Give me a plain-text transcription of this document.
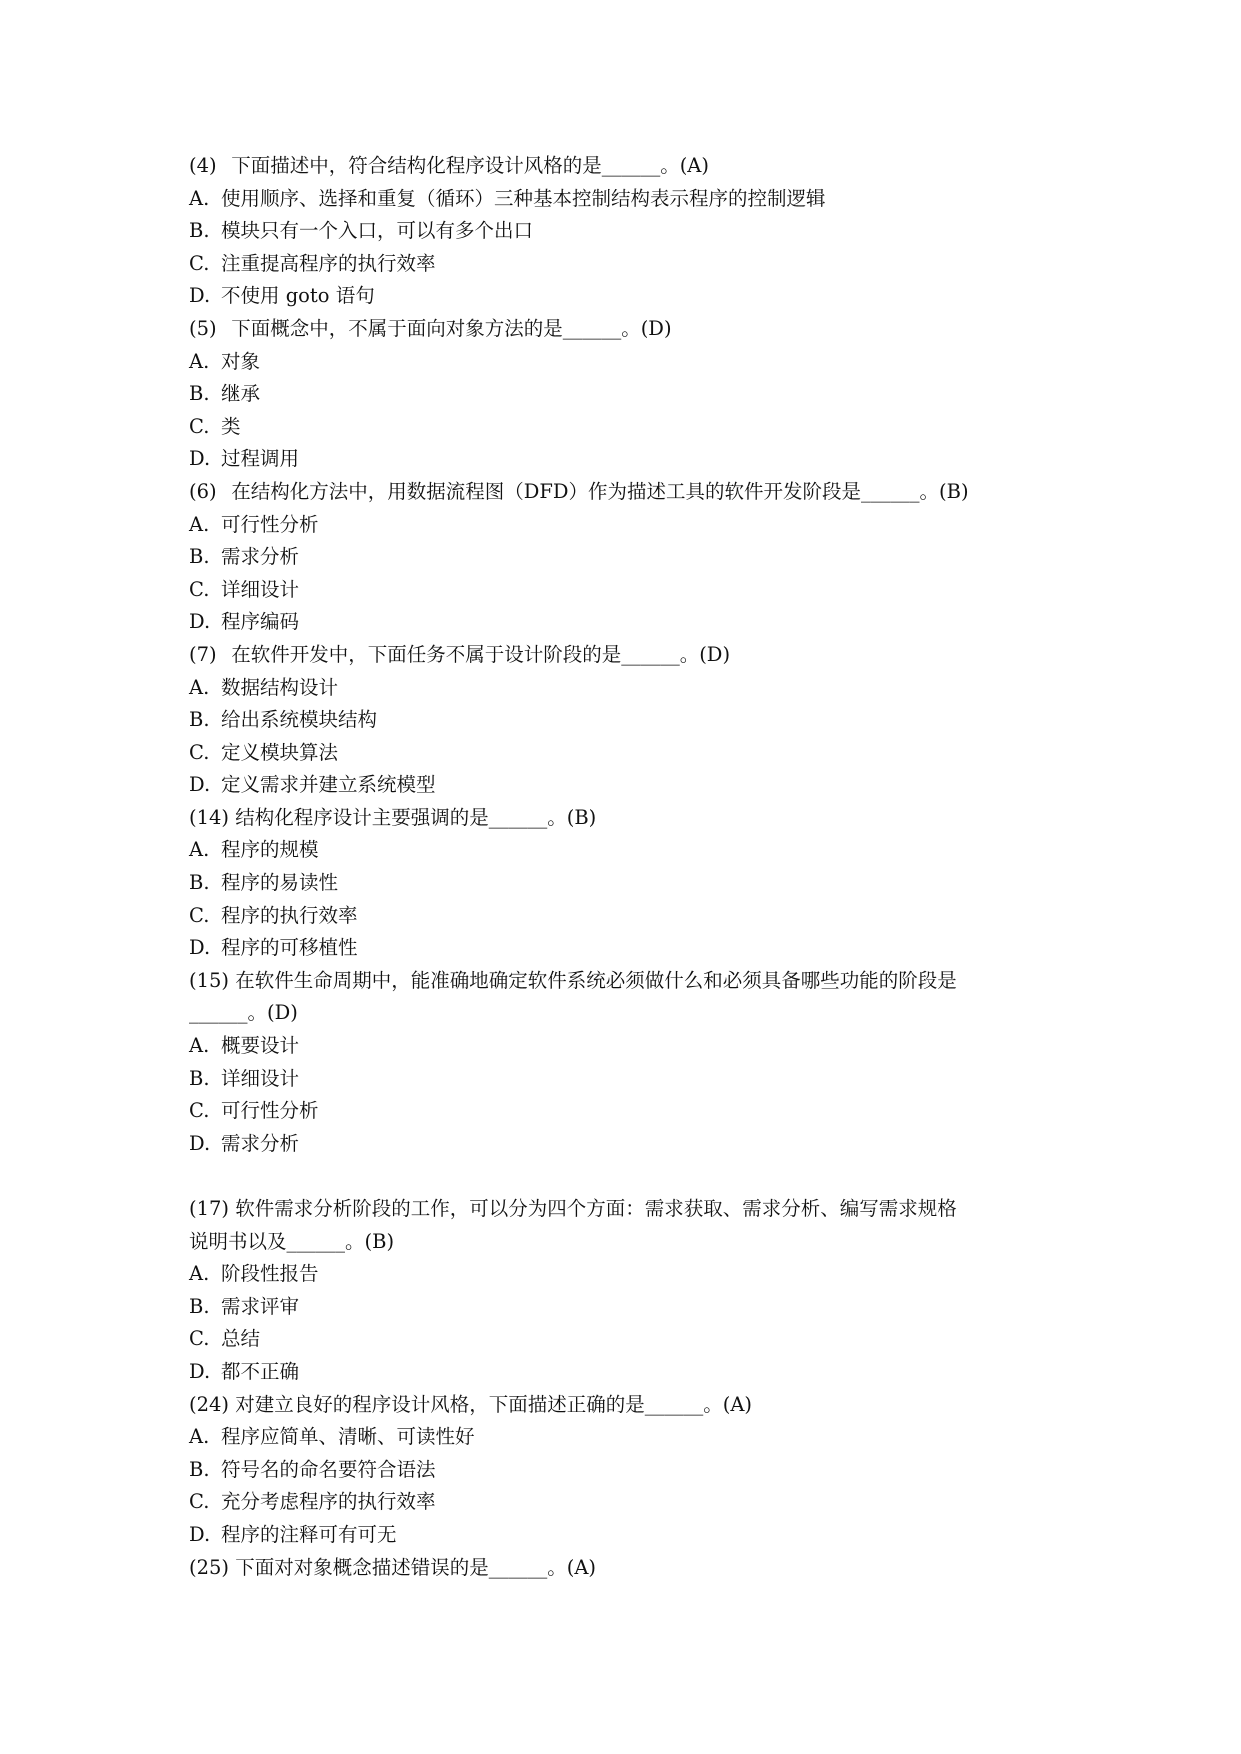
(4) 下面描述中，符合结构化程序设计风格的是______。(A)
A. 使用顺序、选择和重复（循环）三种基本控制结构表示程序的控制逻辑
B. 模块只有一个入口，可以有多个出口
C. 注重提高程序的执行效率
D. 不使用 goto 语句
(5) 下面概念中，不属于面向对象方法的是______。(D)
A. 对象
B. 继承
C. 类
D. 过程调用
(6) 在结构化方法中，用数据流程图（DFD）作为描述工具的软件开发阶段是______。(B)
A. 可行性分析
B. 需求分析
C. 详细设计
D. 程序编码
(7) 在软件开发中，下面任务不属于设计阶段的是______。(D)
A. 数据结构设计
B. 给出系统模块结构
C. 定义模块算法
D. 定义需求并建立系统模型
(14) 结构化程序设计主要强调的是______。(B)
A. 程序的规模
B. 程序的易读性
C. 程序的执行效率
D. 程序的可移植性
(15) 在软件生命周期中，能准确地确定软件系统必须做什么和必须具备哪些功能的阶段是
______。(D)
A. 概要设计
B. 详细设计
C. 可行性分析
D. 需求分析
(17) 软件需求分析阶段的工作，可以分为四个方面：需求获取、需求分析、编写需求规格
说明书以及______。(B)
A. 阶段性报告
B. 需求评审
C. 总结
D. 都不正确
(24) 对建立良好的程序设计风格，下面描述正确的是______。(A)
A. 程序应简单、清晰、可读性好
B. 符号名的命名要符合语法
C. 充分考虑程序的执行效率
D. 程序的注释可有可无
(25) 下面对对象概念描述错误的是______。(A)
